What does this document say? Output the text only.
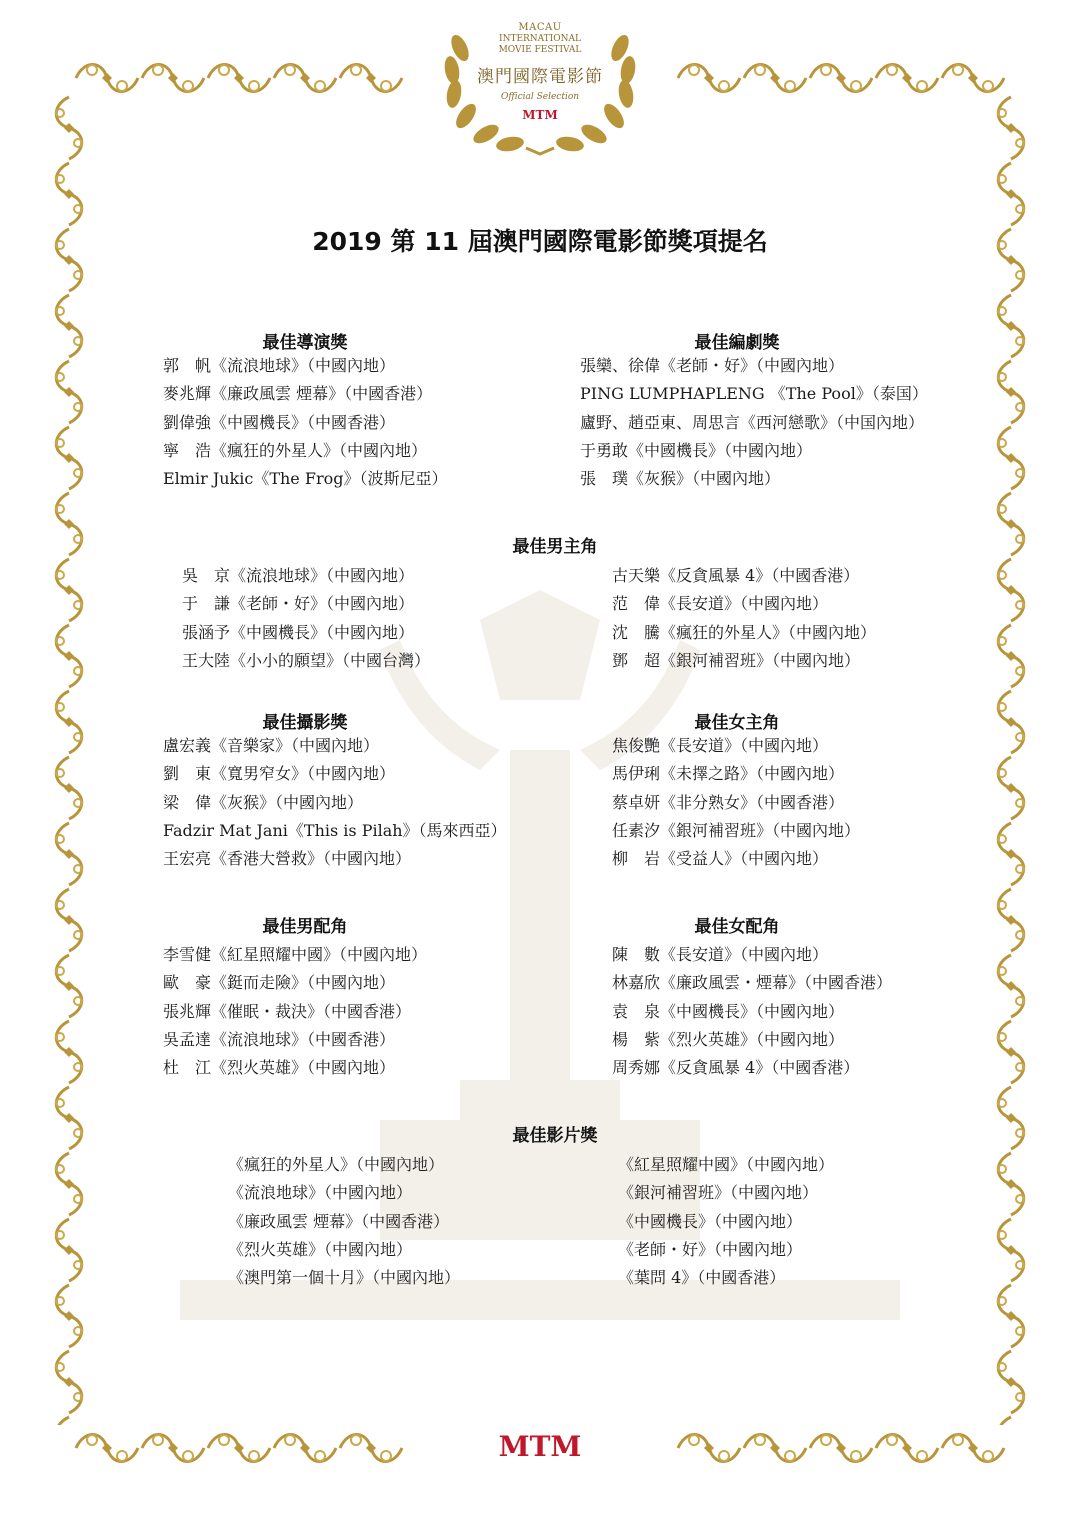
MACAU
INTERNATIONAL
MOVIE FESTIVAL
澳門國際電影節
Official Selection
MTM
2019 第 11 屆澳門國際電影節獎項提名
最佳導演獎
郭　帆《流浪地球》（中國內地）
麥兆輝《廉政風雲 煙幕》（中國香港）
劉偉強《中國機長》（中國香港）
寧　浩《瘋狂的外星人》（中國內地）
Elmir Jukic《The Frog》（波斯尼亞）
最佳編劇獎
張欒、徐偉《老師・好》（中國內地）
PING LUMPHAPLENG 《The Pool》（泰国）
廬野、趙亞東、周思言《西河戀歌》（中国內地）
于勇敢《中國機長》（中國內地）
張　璞《灰猴》（中國內地）
最佳男主角
吳　京《流浪地球》（中國內地）
于　謙《老師・好》（中國內地）
張涵予《中國機長》（中國內地）
王大陸《小小的願望》（中國台灣）
古天樂《反貪風暴 4》（中國香港）
范　偉《長安道》（中國內地）
沈　騰《瘋狂的外星人》（中國內地）
鄧　超《銀河補習班》（中國內地）
最佳攝影獎
盧宏義《音樂家》（中國內地）
劉　東《寬男窄女》（中國內地）
梁　偉《灰猴》（中國內地）
Fadzir Mat Jani《This is Pilah》（馬來西亞）
王宏亮《香港大營救》（中國內地）
最佳女主角
焦俊艷《長安道》（中國內地）
馬伊琍《未擇之路》（中國內地）
蔡卓妍《非分熟女》（中國香港）
任素汐《銀河補習班》（中國內地）
柳　岩《受益人》（中國內地）
最佳男配角
李雪健《紅星照耀中國》（中國內地）
歐　豪《鋌而走險》（中國內地）
張兆輝《催眠・裁決》（中國香港）
吳孟達《流浪地球》（中國香港）
杜　江《烈火英雄》（中國內地）
最佳女配角
陳　數《長安道》（中國內地）
林嘉欣《廉政風雲・煙幕》（中國香港）
袁　泉《中國機長》（中國內地）
楊　紫《烈火英雄》（中國內地）
周秀娜《反貪風暴 4》（中國香港）
最佳影片獎
《瘋狂的外星人》（中國內地）
《流浪地球》（中國內地）
《廉政風雲 煙幕》（中國香港）
《烈火英雄》（中國內地）
《澳門第一個十月》（中國內地）
《紅星照耀中國》（中國內地）
《銀河補習班》（中國內地）
《中國機長》（中國內地）
《老師・好》（中國內地）
《葉問 4》（中國香港）
MTM
